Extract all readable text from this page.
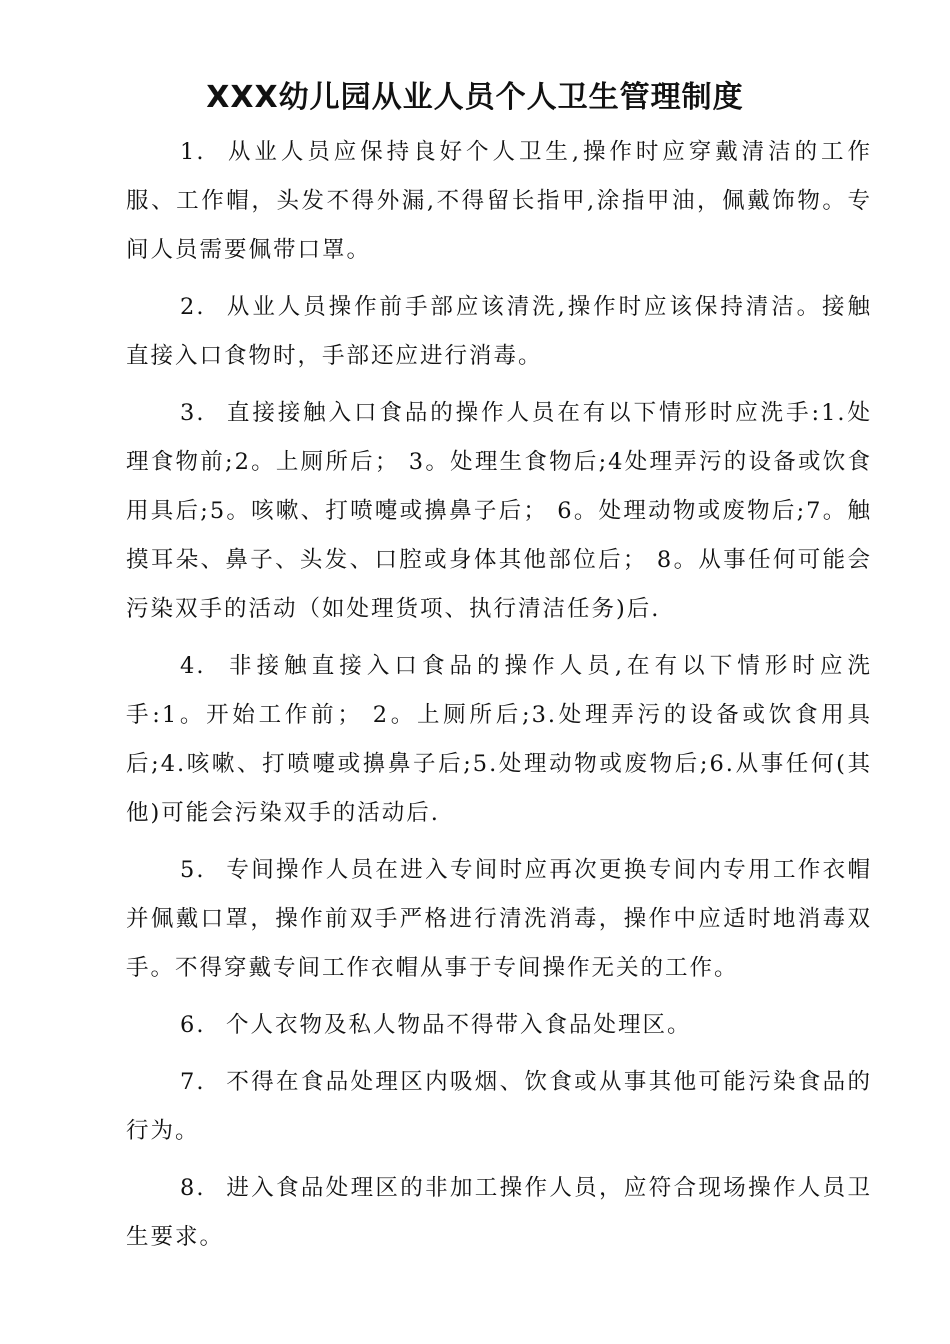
XXX幼儿园从业人员个人卫生管理制度

1. 从业人员应保持良好个人卫生,操作时应穿戴清洁的工作服、工作帽，头发不得外漏,不得留长指甲,涂指甲油，佩戴饰物。专间人员需要佩带口罩。

2. 从业人员操作前手部应该清洗,操作时应该保持清洁。接触直接入口食物时，手部还应进行消毒。

3. 直接接触入口食品的操作人员在有以下情形时应洗手:1.处理食物前;2。上厕所后； 3。处理生食物后;4处理弄污的设备或饮食用具后;5。咳嗽、打喷嚏或擤鼻子后； 6。处理动物或废物后;7。触摸耳朵、鼻子、头发、口腔或身体其他部位后； 8。从事任何可能会污染双手的活动（如处理货项、执行清洁任务)后.

4. 非接触直接入口食品的操作人员,在有以下情形时应洗手:1。开始工作前； 2。上厕所后;3.处理弄污的设备或饮食用具后;4.咳嗽、打喷嚏或擤鼻子后;5.处理动物或废物后;6.从事任何(其他)可能会污染双手的活动后.

5. 专间操作人员在进入专间时应再次更换专间内专用工作衣帽并佩戴口罩，操作前双手严格进行清洗消毒，操作中应适时地消毒双手。不得穿戴专间工作衣帽从事于专间操作无关的工作。

6. 个人衣物及私人物品不得带入食品处理区。

7. 不得在食品处理区内吸烟、饮食或从事其他可能污染食品的行为。

8. 进入食品处理区的非加工操作人员，应符合现场操作人员卫生要求。
